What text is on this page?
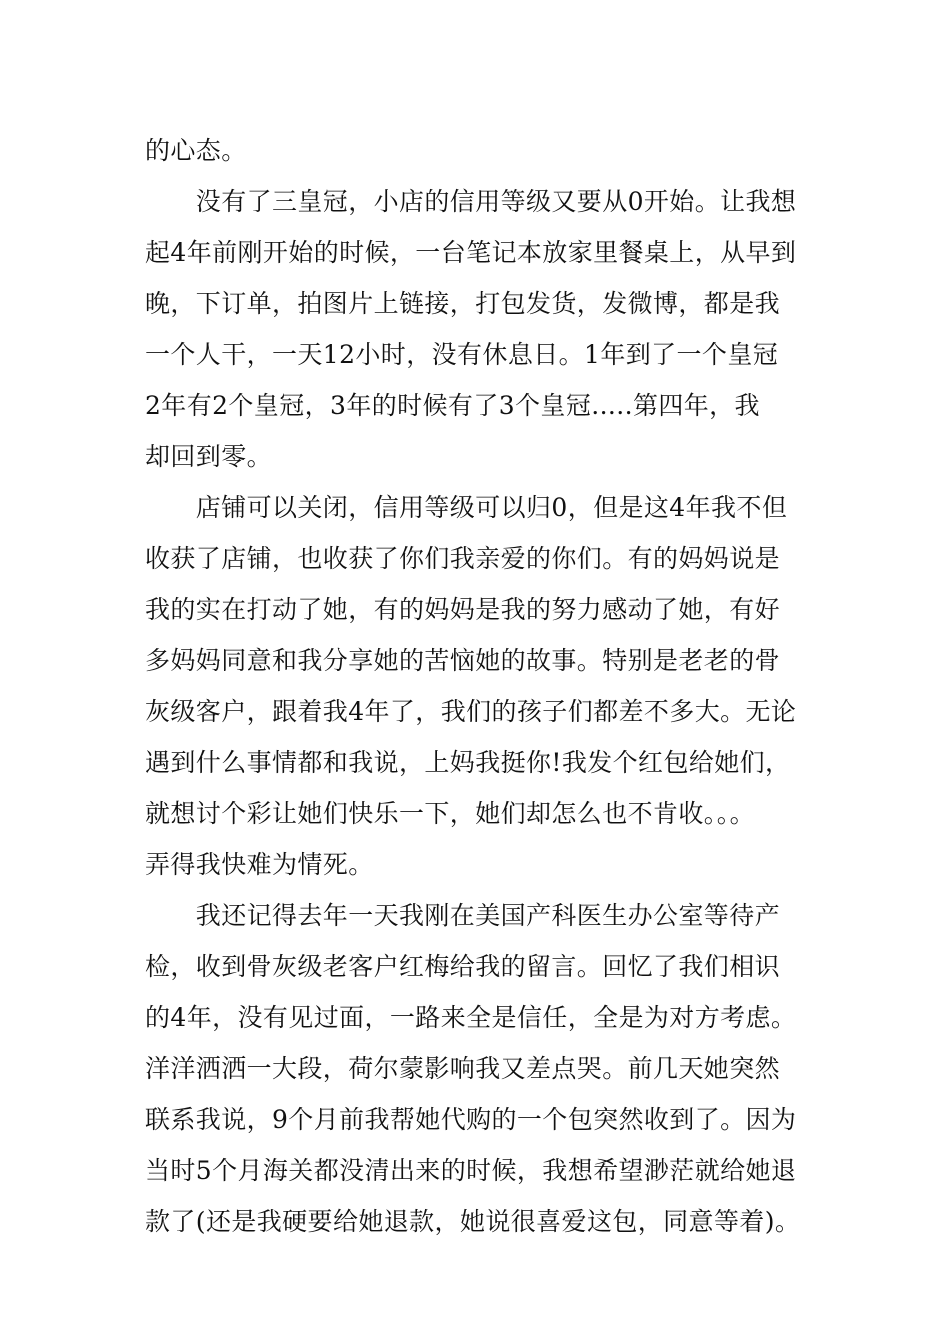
的心态。
　　没有了三皇冠，小店的信用等级又要从0开始。让我想
起4年前刚开始的时候，一台笔记本放家里餐桌上，从早到
晚，下订单，拍图片上链接，打包发货，发微博，都是我
一个人干，一天12小时，没有休息日。1年到了一个皇冠
2年有2个皇冠，3年的时候有了3个皇冠.....第四年，我
却回到零。
　　店铺可以关闭，信用等级可以归0，但是这4年我不但
收获了店铺，也收获了你们我亲爱的你们。有的妈妈说是
我的实在打动了她，有的妈妈是我的努力感动了她，有好
多妈妈同意和我分享她的苦恼她的故事。特别是老老的骨
灰级客户，跟着我4年了，我们的孩子们都差不多大。无论
遇到什么事情都和我说，上妈我挺你!我发个红包给她们，
就想讨个彩让她们快乐一下，她们却怎么也不肯收。。。
弄得我快难为情死。
　　我还记得去年一天我刚在美国产科医生办公室等待产
检，收到骨灰级老客户红梅给我的留言。回忆了我们相识
的4年，没有见过面，一路来全是信任，全是为对方考虑。
洋洋洒洒一大段，荷尔蒙影响我又差点哭。前几天她突然
联系我说，9个月前我帮她代购的一个包突然收到了。因为
当时5个月海关都没清出来的时候，我想希望渺茫就给她退
款了(还是我硬要给她退款，她说很喜爱这包，同意等着)。
